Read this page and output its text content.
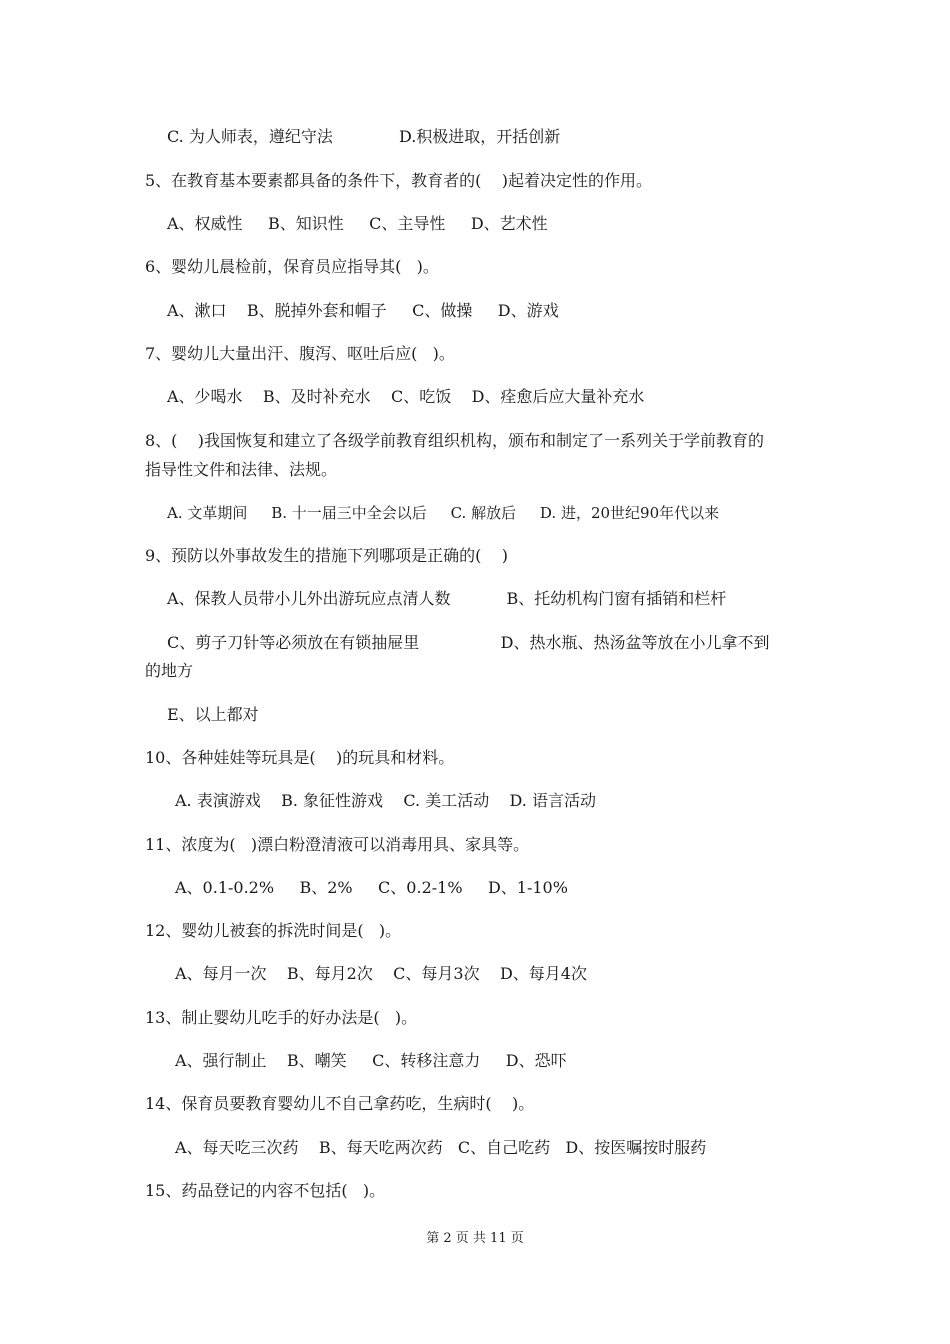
C. 为人师表，遵纪守法             D.积极进取，开括创新
5、在教育基本要素都具备的条件下，教育者的(    )起着决定性的作用。
A、权威性     B、知识性     C、主导性     D、艺术性
6、婴幼儿晨检前，保育员应指导其(   )。
A、漱口    B、脱掉外套和帽子     C、做操     D、游戏
7、婴幼儿大量出汗、腹泻、呕吐后应(   )。
A、少喝水    B、及时补充水    C、吃饭    D、痊愈后应大量补充水
8、(    )我国恢复和建立了各级学前教育组织机构，颁布和制定了一系列关于学前教育的
指导性文件和法律、法规。
A. 文革期间     B. 十一届三中全会以后     C. 解放后     D. 进，20世纪90年代以来
9、预防以外事故发生的措施下列哪项是正确的(    )
A、保教人员带小儿外出游玩应点清人数           B、托幼机构门窗有插销和栏杆
C、剪子刀针等必须放在有锁抽屉里                D、热水瓶、热汤盆等放在小儿拿不到
的地方
E、以上都对
10、各种娃娃等玩具是(    )的玩具和材料。
A. 表演游戏    B. 象征性游戏    C. 美工活动    D. 语言活动
11、浓度为(   )漂白粉澄清液可以消毒用具、家具等。
A、0.1-0.2%     B、2%     C、0.2-1%     D、1-10%
12、婴幼儿被套的拆洗时间是(   )。
A、每月一次    B、每月2次    C、每月3次    D、每月4次
13、制止婴幼儿吃手的好办法是(   )。
A、强行制止    B、嘲笑     C、转移注意力     D、恐吓
14、保育员要教育婴幼儿不自己拿药吃，生病时(    )。
A、每天吃三次药    B、每天吃两次药   C、自己吃药   D、按医嘱按时服药
15、药品登记的内容不包括(   )。
第 2 页 共 11 页
